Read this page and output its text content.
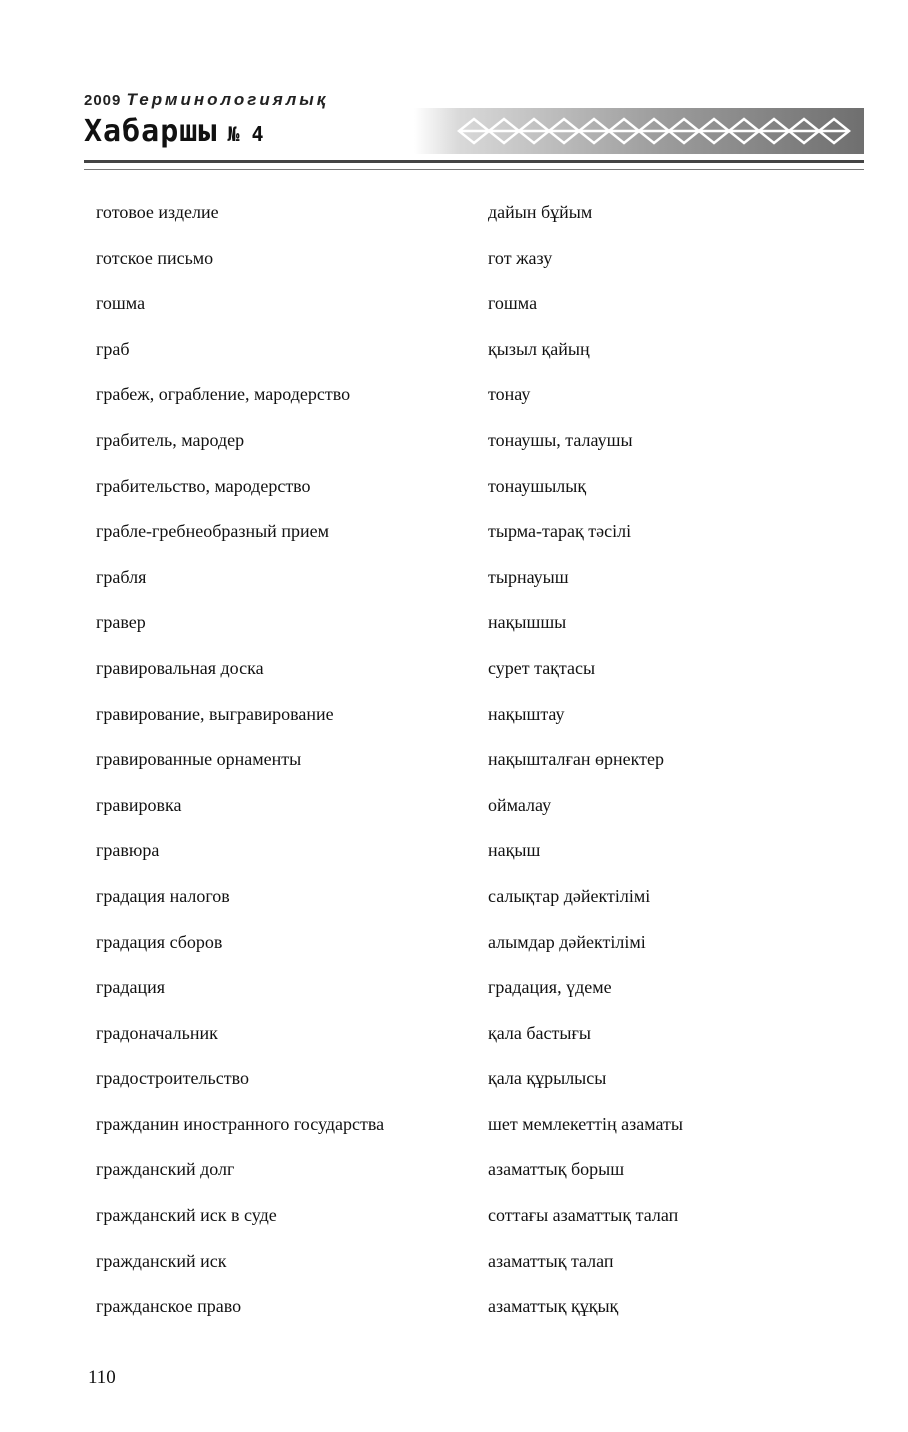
2009 Терминологиялық
Хабаршы № 4
готовое изделие	дайын бұйым
готское письмо	гот жазу
гошма	гошма
граб	қызыл қайың
грабеж, ограбление, мародерство	тонау
грабитель, мародер	тонаушы, талаушы
грабительство, мародерство	тонаушылық
грабле-гребнеобразный прием	тырма-тарақ тәсілі
грабля	тырнауыш
гравер	нақышшы
гравировальная доска	сурет тақтасы
гравирование, выгравирование	нақыштау
гравированные орнаменты	нақышталған өрнектер
гравировка	оймалау
гравюра	нақыш
градация налогов	салықтар дәйектілімі
градация сборов	алымдар дәйектілімі
градация	градация, үдеме
градоначальник	қала бастығы
градостроительство	қала құрылысы
гражданин иностранного государства	шет мемлекеттің азаматы
гражданский долг	азаматтық борыш
гражданский иск в суде	соттағы азаматтық талап
гражданский иск	азаматтық талап
гражданское право	азаматтық құқық
110
